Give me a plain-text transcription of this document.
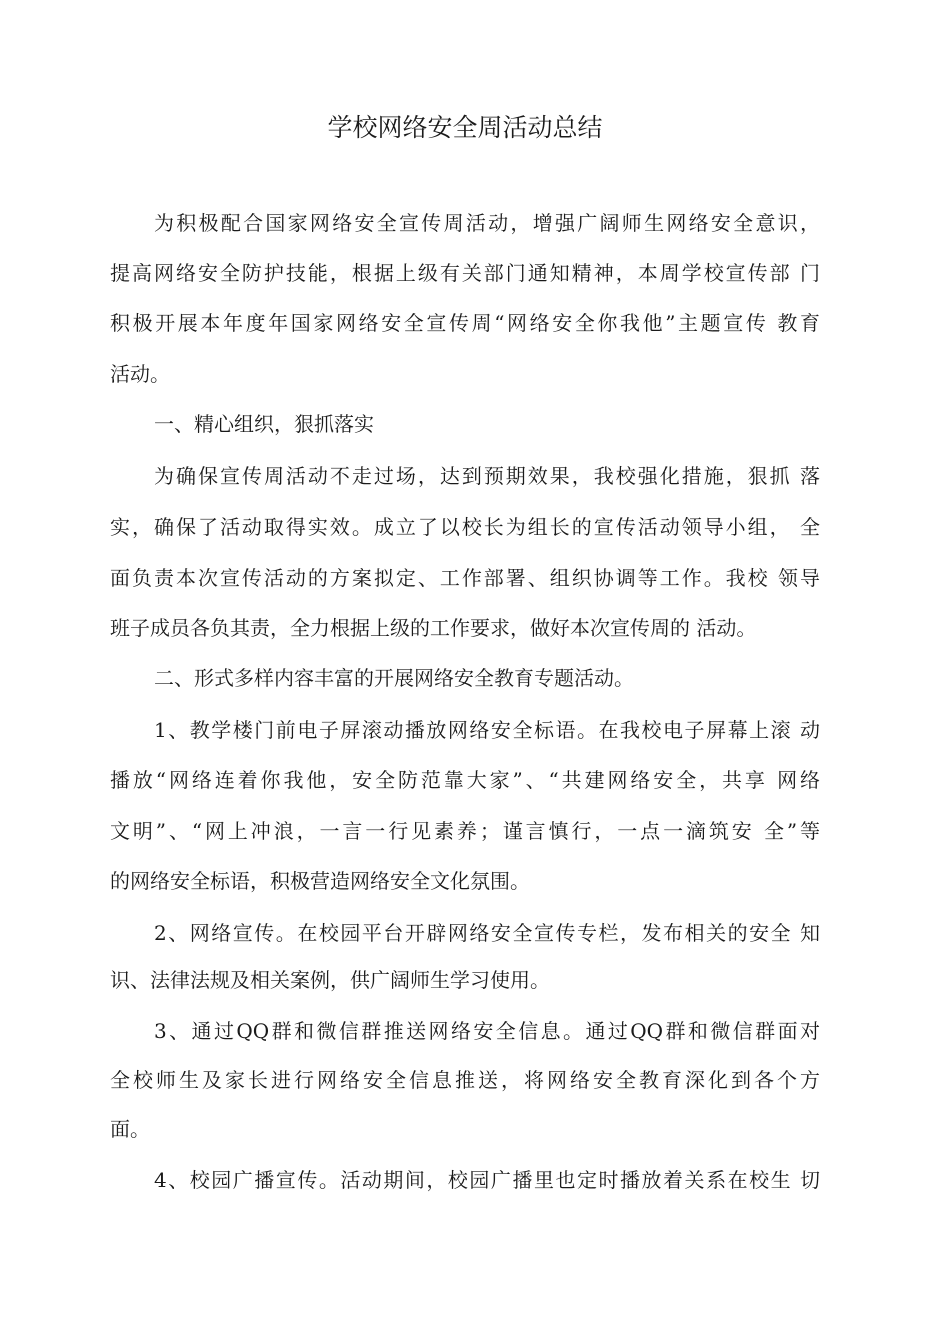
学校网络安全周活动总结

为积极配合国家网络安全宣传周活动，增强广阔师生网络安全意识，

提高网络安全防护技能，根据上级有关部门通知精神，本周学校宣传部 门

积极开展本年度年国家网络安全宣传周“网络安全你我他”主题宣传 教育

活动。

一、精心组织，狠抓落实

为确保宣传周活动不走过场，达到预期效果，我校强化措施，狠抓 落

实，确保了活动取得实效。成立了以校长为组长的宣传活动领导小组， 全

面负责本次宣传活动的方案拟定、工作部署、组织协调等工作。我校 领导

班子成员各负其责，全力根据上级的工作要求，做好本次宣传周的 活动。

二、形式多样内容丰富的开展网络安全教育专题活动。

1、教学楼门前电子屏滚动播放网络安全标语。在我校电子屏幕上滚 动

播放“网络连着你我他，安全防范靠大家”、“共建网络安全，共享 网络

文明”、“网上冲浪，一言一行见素养；谨言慎行，一点一滴筑安 全”等

的网络安全标语，积极营造网络安全文化氛围。

2、网络宣传。在校园平台开辟网络安全宣传专栏，发布相关的安全 知

识、法律法规及相关案例，供广阔师生学习使用。

3、通过QQ群和微信群推送网络安全信息。通过QQ群和微信群面对

全校师生及家长进行网络安全信息推送，将网络安全教育深化到各个方

面。

4、校园广播宣传。活动期间，校园广播里也定时播放着关系在校生 切
